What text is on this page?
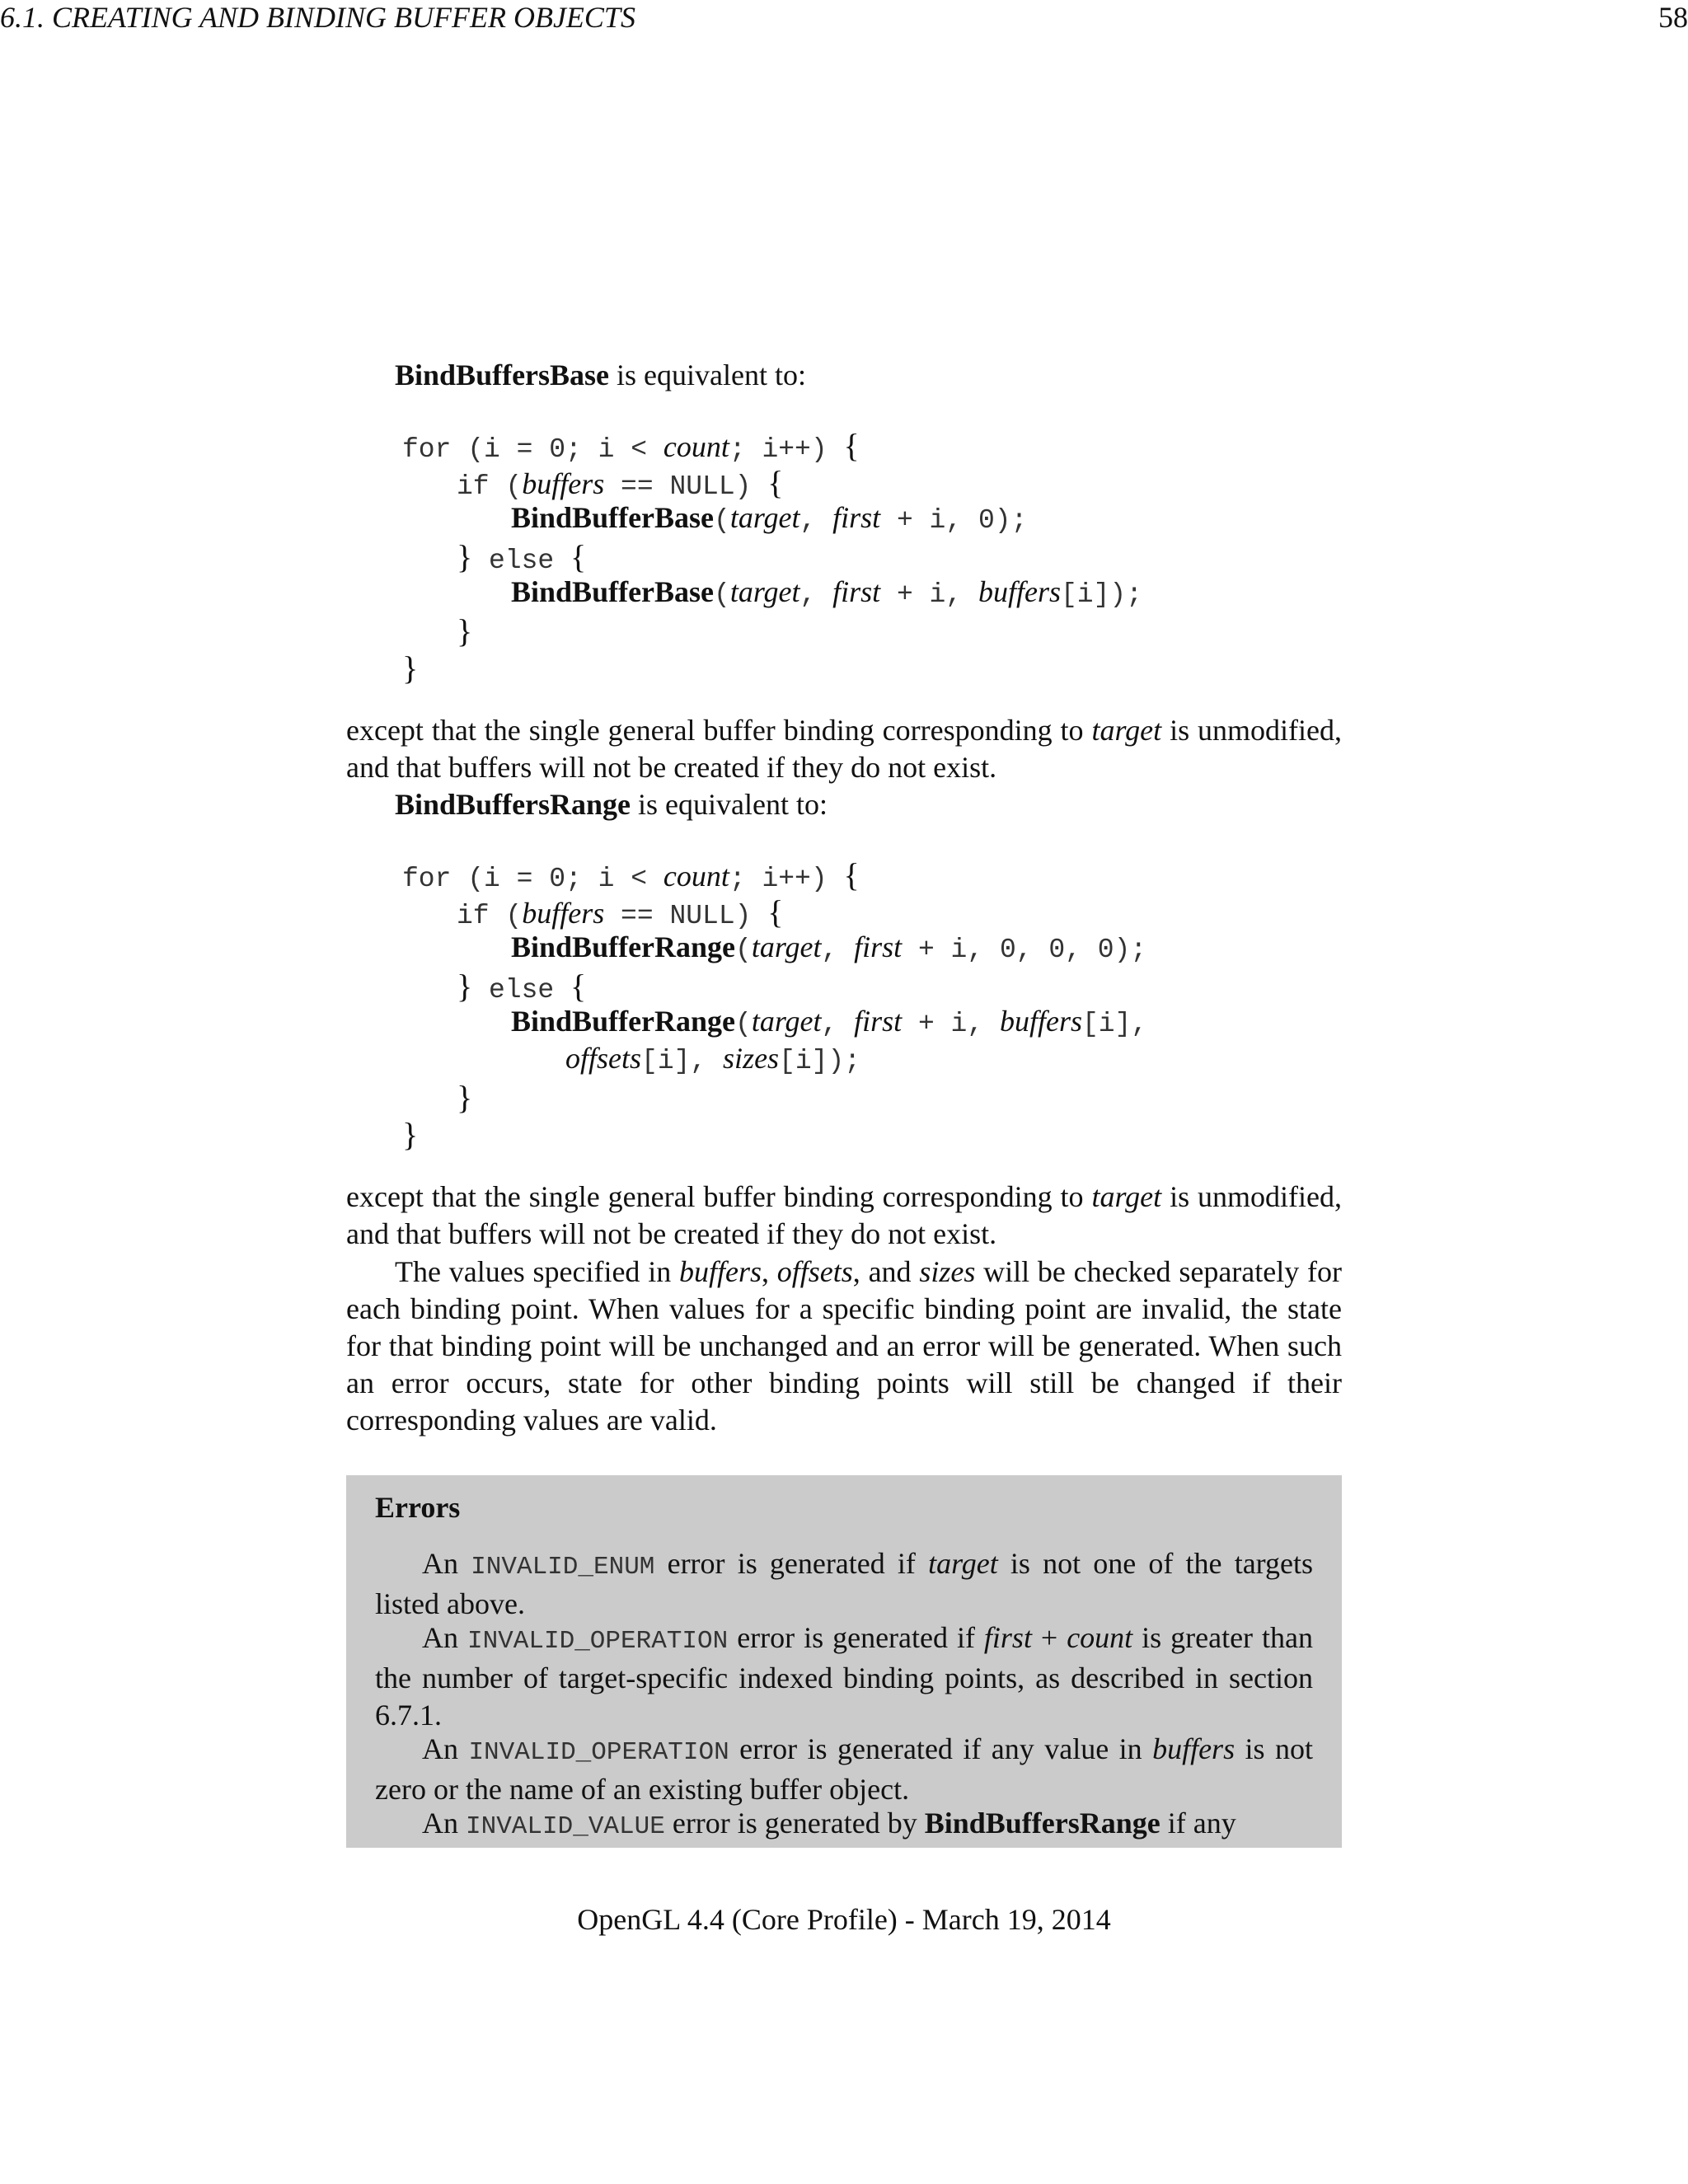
6.1. CREATING AND BINDING BUFFER OBJECTS	58
BindBuffersBase is equivalent to:
for (i = 0; i < count; i++) {
if (buffers == NULL) {
BindBufferBase(target, first + i, 0);
} else {
BindBufferBase(target, first + i, buffers[i]);
}
}

except that the single general buffer binding corresponding to target is unmodified, and that buffers will not be created if they do not exist.

BindBuffersRange is equivalent to:
for (i = 0; i < count; i++) {
if (buffers == NULL) {
BindBufferRange(target, first + i, 0, 0, 0);
} else {
BindBufferRange(target, first + i, buffers[i],
offsets[i], sizes[i]);
}
}

except that the single general buffer binding corresponding to target is unmodified, and that buffers will not be created if they do not exist.

The values specified in buffers, offsets, and sizes will be checked separately for each binding point. When values for a specific binding point are invalid, the state for that binding point will be unchanged and an error will be generated. When such an error occurs, state for other binding points will still be changed if their corresponding values are valid.

Errors

An INVALID_ENUM error is generated if target is not one of the targets listed above.

An INVALID_OPERATION error is generated if first + count is greater than the number of target-specific indexed binding points, as described in section 6.7.1.

An INVALID_OPERATION error is generated if any value in buffers is not zero or the name of an existing buffer object.

An INVALID_VALUE error is generated by BindBuffersRange if any

OpenGL 4.4 (Core Profile) - March 19, 2014
